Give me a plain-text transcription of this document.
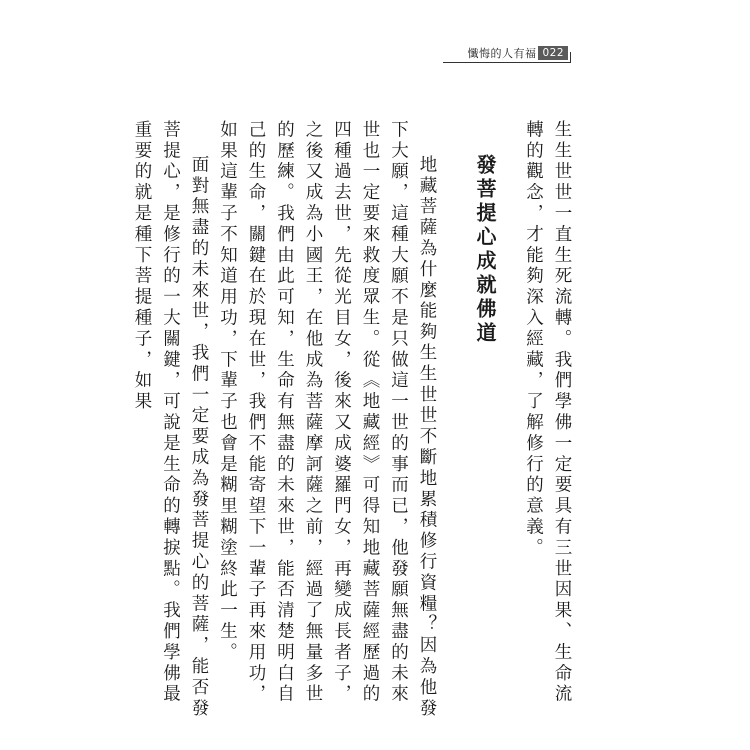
懺悔的人有福 022

生生世世一直生死流轉。我們學佛一定要具有三世因果、生命流轉的觀念，才能夠深入經藏，了解修行的意義。

發菩提心成就佛道

地藏菩薩為什麼能夠生生世世不斷地累積修行資糧？因為他發下大願，這種大願不是只做這一世的事而已，他發願無盡的未來世也一定要來救度眾生。從《地藏經》可得知地藏菩薩經歷過的四種過去世，先從光目女，後來又成婆羅門女，再變成長者子，之後又成為小國王，在他成為菩薩摩訶薩之前，經過了無量多世的歷練。我們由此可知，生命有無盡的未來世，能否清楚明白自己的生命，關鍵在於現在世，我們不能寄望下一輩子再來用功，如果這輩子不知道用功，下輩子也會是糊里糊塗終此一生。

面對無盡的未來世，我們一定要成為發菩提心的菩薩，能否發菩提心，是修行的一大關鍵，可說是生命的轉捩點。我們學佛最重要的就是種下菩提種子，如果
